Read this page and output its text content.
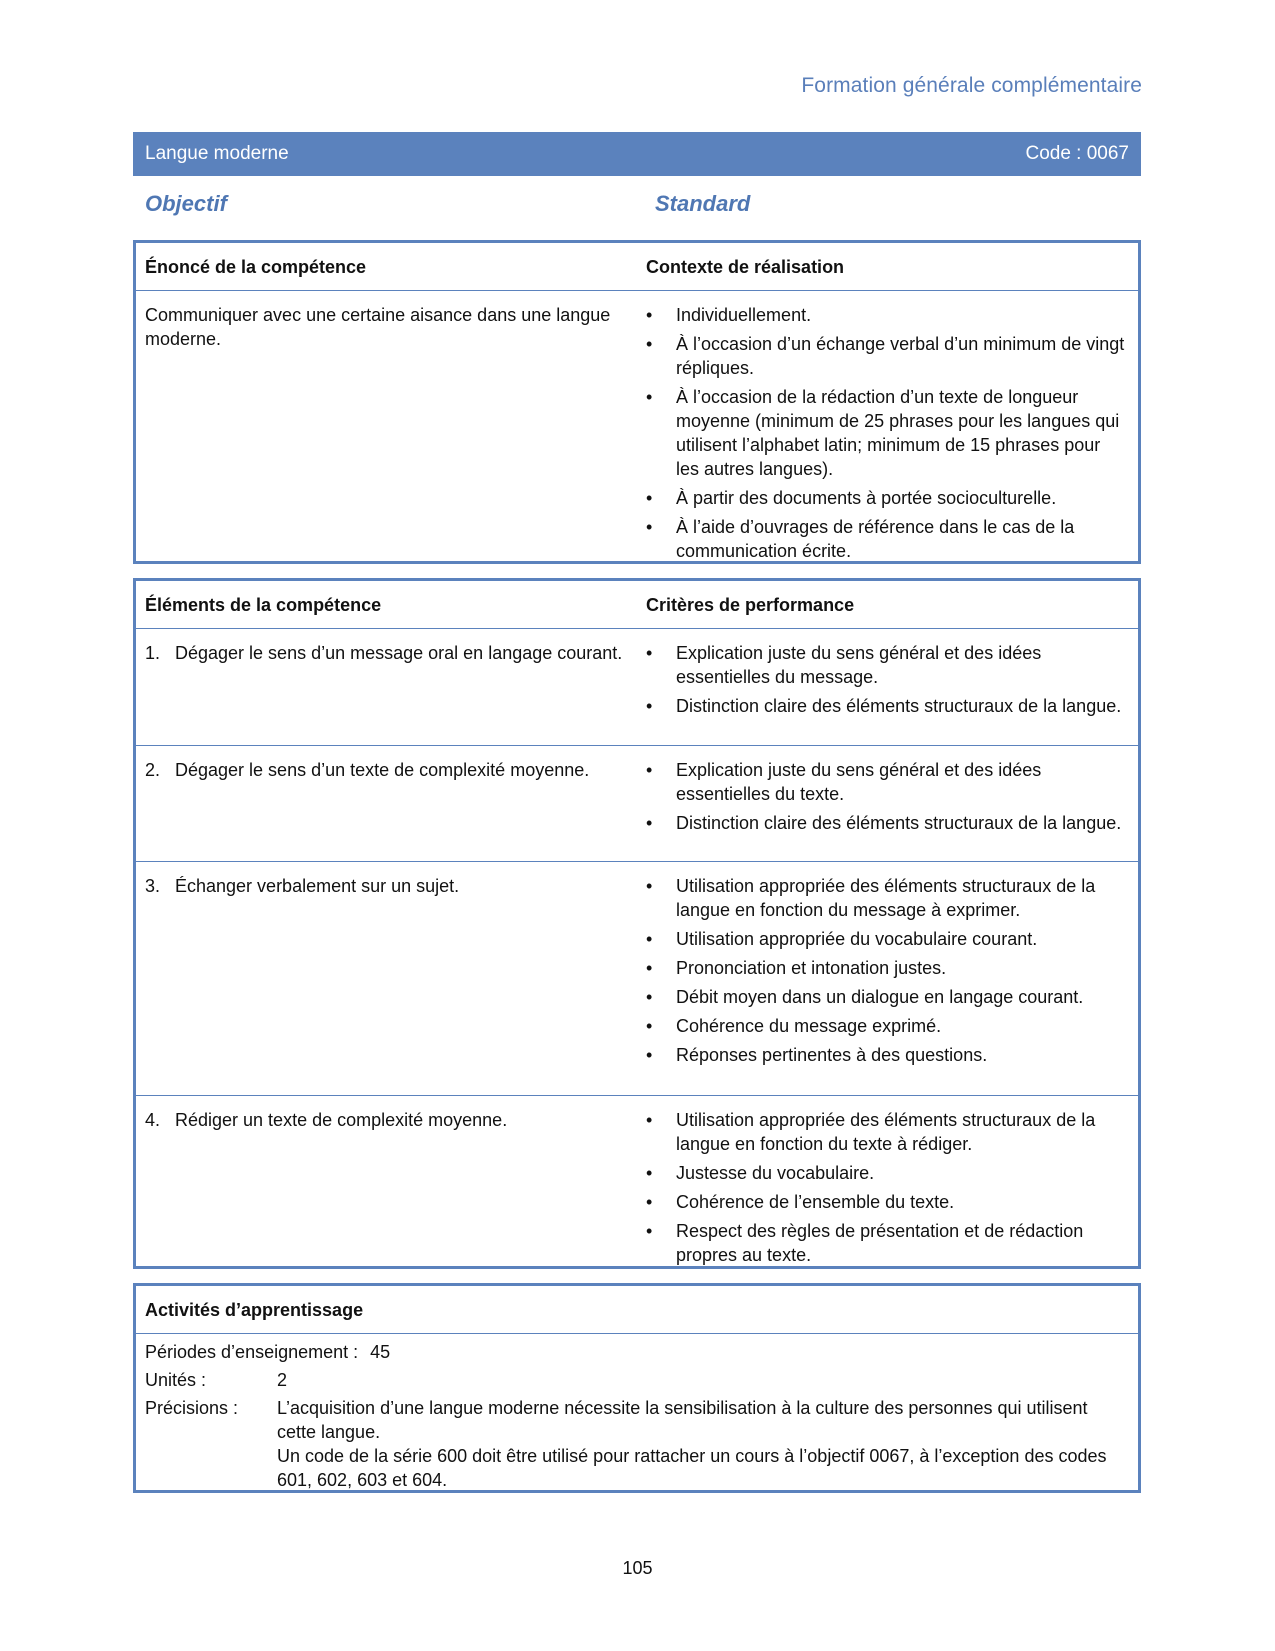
Formation générale complémentaire
Langue moderne	Code : 0067
Objectif	Standard
Énoncé de la compétence	Contexte de réalisation
Communiquer avec une certaine aisance dans une langue moderne.
• Individuellement.
• À l’occasion d’un échange verbal d’un minimum de vingt répliques.
• À l’occasion de la rédaction d’un texte de longueur moyenne (minimum de 25 phrases pour les langues qui utilisent l’alphabet latin; minimum de 15 phrases pour les autres langues).
• À partir des documents à portée socioculturelle.
• À l’aide d’ouvrages de référence dans le cas de la communication écrite.
Éléments de la compétence	Critères de performance
1. Dégager le sens d’un message oral en langage courant.	• Explication juste du sens général et des idées essentielles du message.
• Distinction claire des éléments structuraux de la langue.
2. Dégager le sens d’un texte de complexité moyenne.	• Explication juste du sens général et des idées essentielles du texte.
• Distinction claire des éléments structuraux de la langue.
3. Échanger verbalement sur un sujet.	• Utilisation appropriée des éléments structuraux de la langue en fonction du message à exprimer.
• Utilisation appropriée du vocabulaire courant.
• Prononciation et intonation justes.
• Débit moyen dans un dialogue en langage courant.
• Cohérence du message exprimé.
• Réponses pertinentes à des questions.
4. Rédiger un texte de complexité moyenne.	• Utilisation appropriée des éléments structuraux de la langue en fonction du texte à rédiger.
• Justesse du vocabulaire.
• Cohérence de l’ensemble du texte.
• Respect des règles de présentation et de rédaction propres au texte.
Activités d’apprentissage
Périodes d’enseignement : 45
Unités :	2
Précisions :	L’acquisition d’une langue moderne nécessite la sensibilisation à la culture des personnes qui utilisent cette langue.
Un code de la série 600 doit être utilisé pour rattacher un cours à l’objectif 0067, à l’exception des codes 601, 602, 603 et 604.
105
